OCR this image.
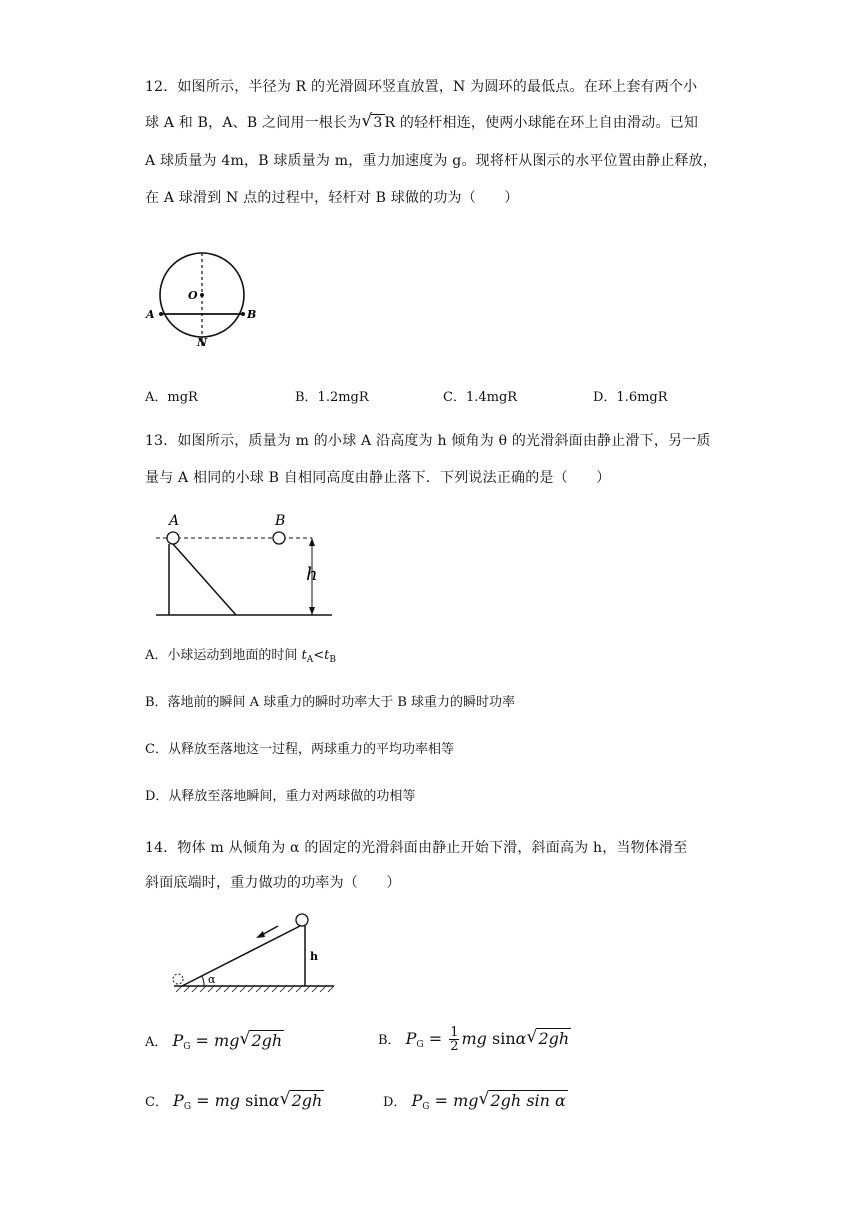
12．如图所示，半径为 R 的光滑圆环竖直放置，N 为圆环的最低点。在环上套有两个小
球 A 和 B，A、B 之间用一根长为√ 3 R 的轻杆相连，使两小球能在环上自由滑动。已知
A 球质量为 4m，B 球质量为 m，重力加速度为 g。现将杆从图示的水平位置由静止释放，
在 A 球滑到 N 点的过程中，轻杆对 B 球做的功为（　　）
O
A	B
N
A．mgR	B．1.2mgR	C．1.4mgR	D．1.6mgR
13．如图所示，质量为 m 的小球 A 沿高度为 h 倾角为 θ 的光滑斜面由静止滑下，另一质
量与 A 相同的小球 B 自相同高度由静止落下．下列说法正确的是（　　）
A	B
h
A．小球运动到地面的时间 $t_A<t_B$
B．落地前的瞬间 A 球重力的瞬时功率大于 B 球重力的瞬时功率
C．从释放至落地这一过程，两球重力的平均功率相等
D．从释放至落地瞬间，重力对两球做的功相等
14．物体 m 从倾角为 α 的固定的光滑斜面由静止开始下滑，斜面高为 h，当物体滑至
斜面底端时，重力做功的功率为（　　）
α
h
A． $P_G = mg√$ 2gh	B． $P_G = \frac{1}{2}$ mg sinα√ 2gh
C． $P_G$ = mg sinα√ 2gh	D． $P_G = mg√$ 2gh sin α
